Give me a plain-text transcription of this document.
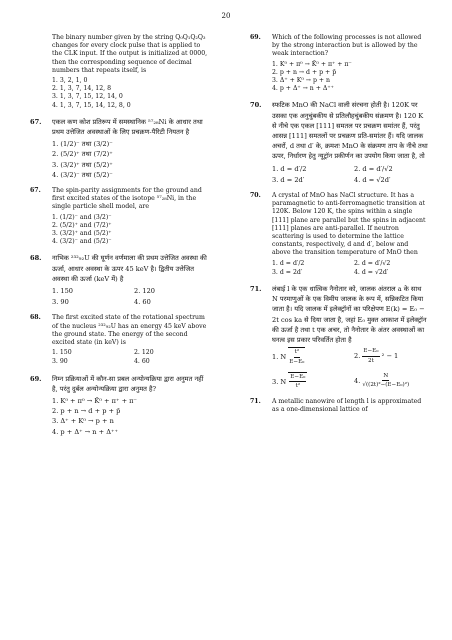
20
The binary number given by the string Q₀Q₁Q₂Q₃ changes for every clock pulse that is applied to the CLK input. If the output is initialized at 0000, then the corresponding sequence of decimal numbers that repeats itself, is
1. 3, 2, 1, 0
2. 1, 3, 7, 14, 12, 8
3. 1, 3, 7, 15, 12, 14, 0
4. 1, 3, 7, 15, 14, 12, 8, 0
67. एकल कण कोश प्रतिरूप में समस्थानिक ⁵⁷₂₈Ni के आधार तथा प्रथम उत्तेजित अवस्थाओं के लिए प्रचक्रण-पैरिटी नियतन है
1. (1/2)⁻ तथा (3/2)⁻
2. (5/2)⁺ तथा (7/2)⁺
3. (3/2)⁺ तथा (5/2)⁺
4. (3/2)⁻ तथा (5/2)⁻
67. The spin-parity assignments for the ground and first excited states of the isotope ⁵⁷₂₈Ni, in the single particle shell model, are
1. (1/2)⁻ and (3/2)⁻
2. (5/2)⁺ and (7/2)⁺
3. (3/2)⁺ and (5/2)⁺
4. (3/2)⁻ and (5/2)⁻
68. नाभिक ²³²₉₂U की घूर्णन वर्णमाला की प्रथम उत्तेजित अवस्था की ऊर्जा, आधार अवस्था के ऊपर 45 keV है। द्वितीय उत्तेजित अवस्था की ऊर्जा (keV में) है
1. 150	2. 120
3. 90	4. 60
68. The first excited state of the rotational spectrum of the nucleus ²³²₉₂U has an energy 45 keV above the ground state. The energy of the second excited state (in keV) is
1. 150	2. 120
3. 90	4. 60
69. निम्न प्रक्रियाओं में कौन-सा प्रबल अन्योन्यक्रिया द्वारा अनुमत नहीं है, परंतु दुर्बल अन्योन्यक्रिया द्वारा अनुमत है?
1. K⁰ + π⁰ → K̄⁰ + π⁺ + π⁻
2. p + n → d + p + p̄
3. Δ⁺ + K⁰ → p + n
4. p + Δ⁺ → n + Δ⁺⁺
69. Which of the following processes is not allowed by the strong interaction but is allowed by the weak interaction?
1. K⁰ + π⁰ → K̄⁰ + π⁺ + π⁻
2. p + n → d + p + p̄
3. Δ⁺ + K⁰ → p + n
4. p + Δ⁺ → n + Δ⁺⁺
70. स्फटिक MnO की NaCl वाली संरचना होती है। 120K पर उसका एक अनुचुंबकीय से प्रतिलौहचुंबकीय संक्रमण है। 120 K से नीचे एक एकल [111] समतल पर प्रचक्रण समांतर हैं, परंतु आसन्न [111] समतलों पर प्रचक्रण प्रति-समांतर हैं। यदि जालक अचरों, d तथा d′ के, क्रमशः MnO के संक्रमण ताप के नीचे तथा ऊपर, निर्धारण हेतु न्यूट्रॉन प्रकीर्णन का उपयोग किया जाता है, तो
1. d = d′/2	2. d = d′/√2
3. d = 2d′	4. d = √2d′
70. A crystal of MnO has NaCl structure. It has a paramagnetic to anti-ferromagnetic transition at 120K. Below 120 K, the spins within a single [111] plane are parallel but the spins in adjacent [111] planes are anti-parallel. If neutron scattering is used to determine the lattice constants, respectively, d and d′, below and above the transition temperature of MnO then
1. d = d′/2	2. d = d′/√2
3. d = 2d′	4. d = √2d′
71. लंबाई l के एक धात्विक नैनोतार को, जालक अंतराल a के साथ N परमाणुओं के एक विमीय जालक के रूप में, सन्निकटित किया जाता है। यदि जालक में इलेक्ट्रॉनों का परिक्षेपण E(k) = E₀ − 2t cos ka से दिया जाता है, जहां E₀ मुक्त आकाश में इलेक्ट्रॉन की ऊर्जा है तथा t एक अचर, तो नैनोतार के अंतर अवस्थाओं का घनत्व इस प्रकार परिवर्तित होता है
1. N $\frac{\text{t²}}{\text{E−E₀}}$	2. $\frac{\text{E−E₀}}{2t} ^2 - 1$
3. N $\frac{\text{E−E₀}}{\text{t²}}$	4. $\frac{N}{\text{√((2t)²−(E−E₀)²)}}$
71. A metallic nanowire of length l is approximated as a one-dimensional lattice of
